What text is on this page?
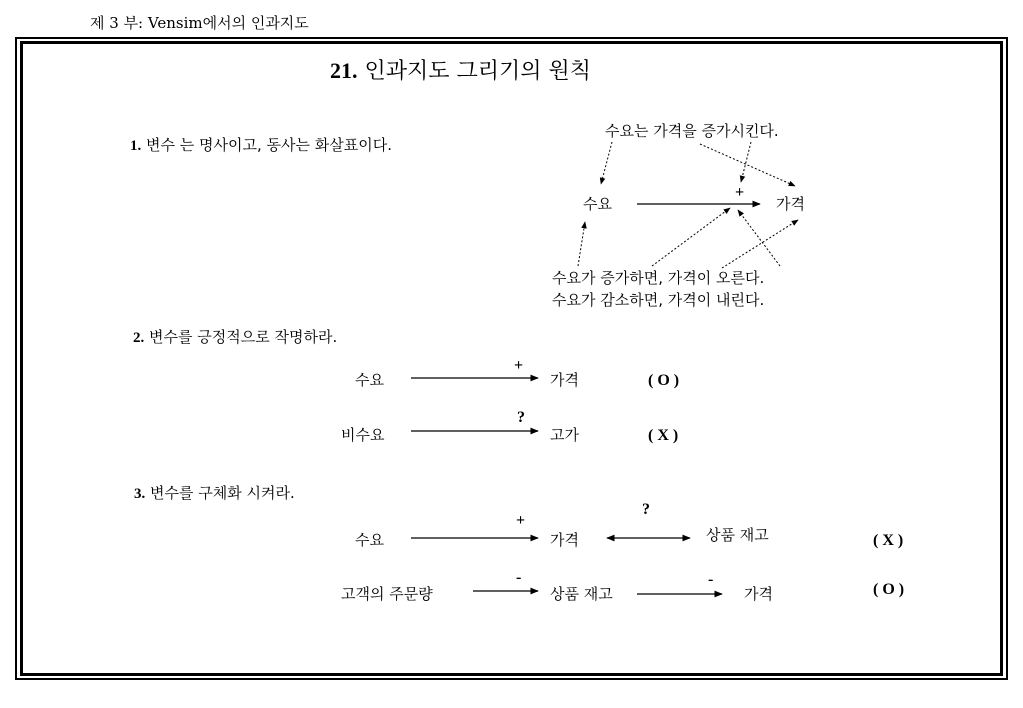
제 3 부: Vensim에서의 인과지도
21. 인과지도 그리기의 원칙
1. 변수 는 명사이고, 동사는 화살표이다.
수요는 가격을 증가시킨다.
수요	가격
+
수요가 증가하면, 가격이 오른다.
수요가 감소하면, 가격이 내린다.
2. 변수를 긍정적으로 작명하라.
수요
+
가격	( O )
비수요
?
고가	( X )
3. 변수를 구체화 시켜라.
수요
+
가격
?
상품 재고	( X )
고객의 주문량
-
상품 재고
-
가격	( O )
